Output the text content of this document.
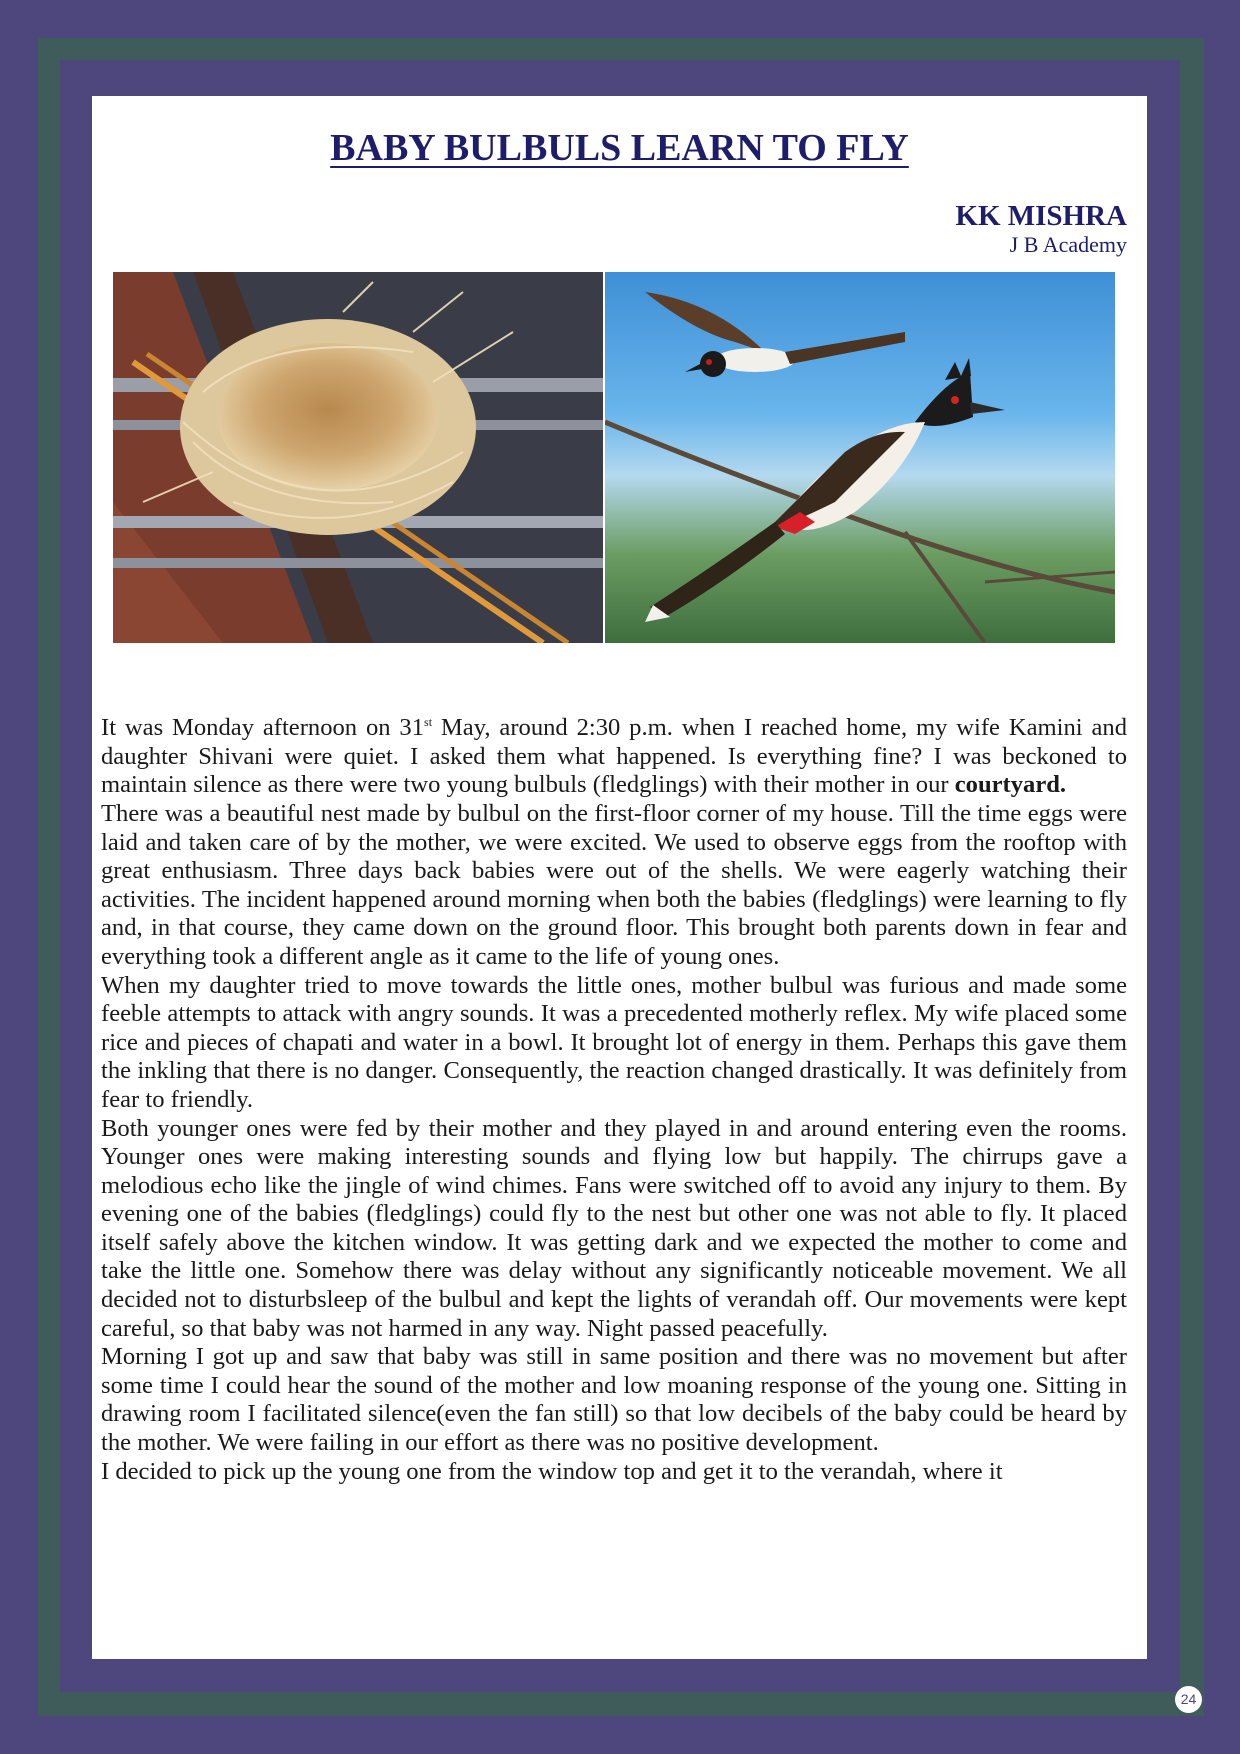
BABY BULBULS LEARN TO FLY
KK MISHRA
J B Academy

It was Monday afternoon on 31st May, around 2:30 p.m. when I reached home, my wife Kamini and daughter Shivani were quiet. I asked them what happened. Is everything fine? I was beckoned to maintain silence as there were two young bulbuls (fledglings) with their mother in our courtyard.

There was a beautiful nest made by bulbul on the first-floor corner of my house. Till the time eggs were laid and taken care of by the mother, we were excited. We used to observe eggs from the rooftop with great enthusiasm. Three days back babies were out of the shells. We were eagerly watching their activities. The incident happened around morning when both the babies (fledglings) were learning to fly and, in that course, they came down on the ground floor. This brought both parents down in fear and everything took a different angle as it came to the life of young ones.

When my daughter tried to move towards the little ones, mother bulbul was furious and made some feeble attempts to attack with angry sounds. It was a precedented motherly reflex. My wife placed some rice and pieces of chapati and water in a bowl. It brought lot of energy in them. Perhaps this gave them the inkling that there is no danger. Consequently, the reaction changed drastically. It was definitely from fear to friendly.

Both younger ones were fed by their mother and they played in and around entering even the rooms. Younger ones were making interesting sounds and flying low but happily. The chirrups gave a melodious echo like the jingle of wind chimes. Fans were switched off to avoid any injury to them. By evening one of the babies (fledglings) could fly to the nest but other one was not able to fly. It placed itself safely above the kitchen window. It was getting dark and we expected the mother to come and take the little one. Somehow there was delay without any significantly noticeable movement. We all decided not to disturbsleep of the bulbul and kept the lights of verandah off. Our movements were kept careful, so that baby was not harmed in any way. Night passed peacefully.

Morning I got up and saw that baby was still in same position and there was no movement but after some time I could hear the sound of the mother and low moaning response of the young one. Sitting in drawing room I facilitated silence(even the fan still) so that low decibels of the baby could be heard by the mother. We were failing in our effort as there was no positive development.

I decided to pick up the young one from the window top and get it to the verandah, where it

24
